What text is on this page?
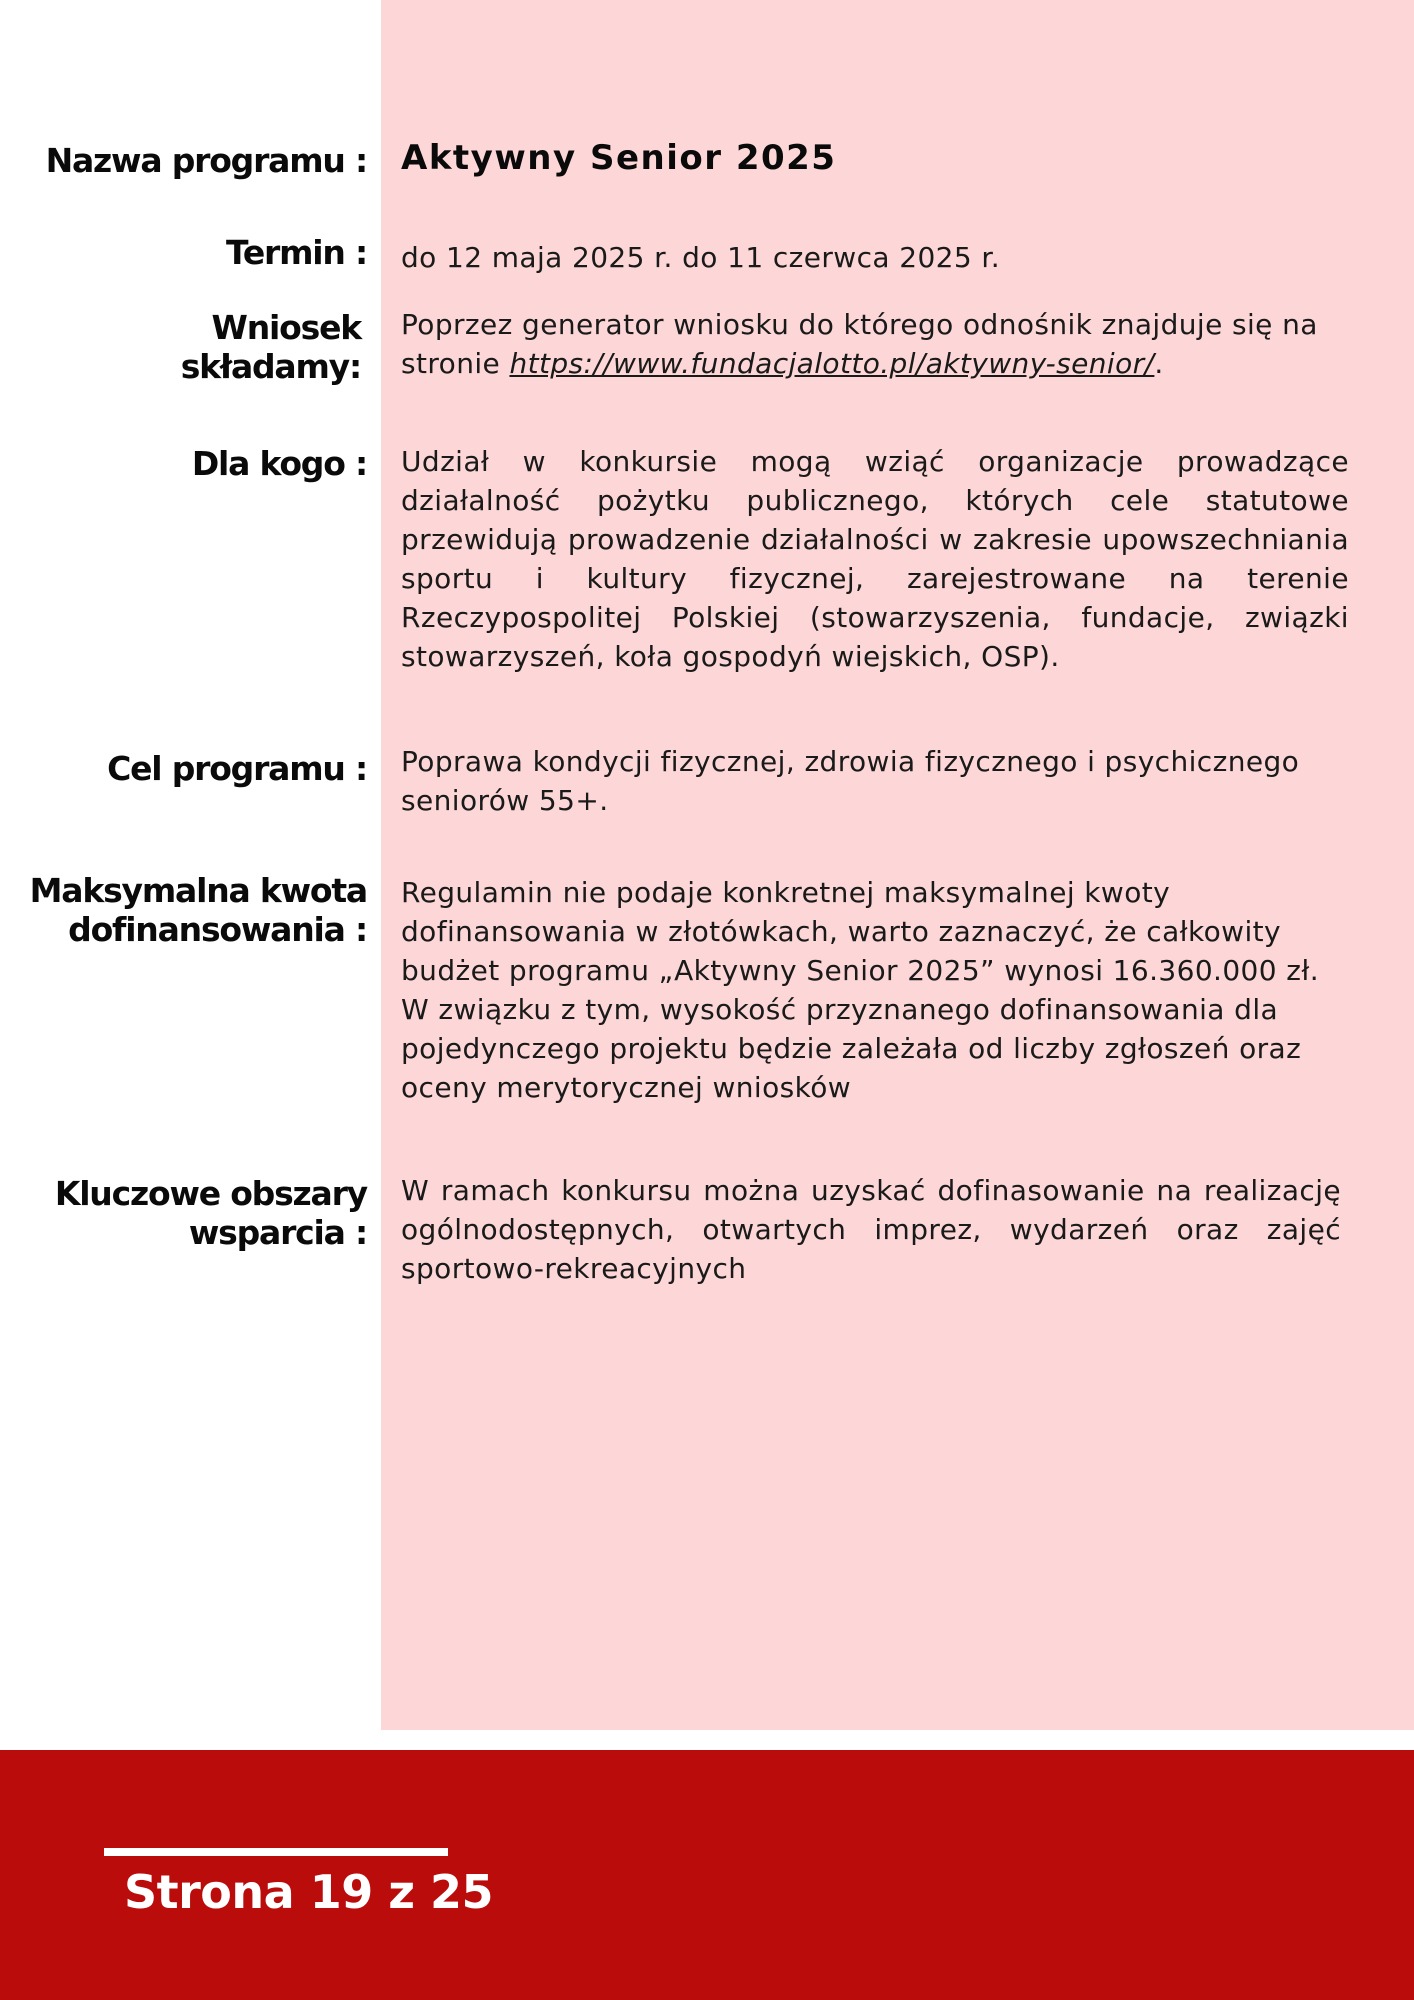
Nazwa programu : Aktywny Senior 2025
Termin : do 12 maja 2025 r. do 11 czerwca 2025 r.
Wniosek
składamy:
Poprzez generator wniosku do którego odnośnik znajduje się na stronie https://www.fundacjalotto.pl/aktywny-senior/.
Dla kogo : Udział w konkursie mogą wziąć organizacje prowadzące działalność pożytku publicznego, których cele statutowe przewidują prowadzenie działalności w zakresie upowszechniania sportu i kultury fizycznej, zarejestrowane na terenie Rzeczypospolitej Polskiej (stowarzyszenia, fundacje, związki stowarzyszeń, koła gospodyń wiejskich, OSP).
Cel programu : Poprawa kondycji fizycznej, zdrowia fizycznego i psychicznego seniorów 55+.
Maksymalna kwota
dofinansowania :
Regulamin nie podaje konkretnej maksymalnej kwoty dofinansowania w złotówkach, warto zaznaczyć, że całkowity budżet programu „Aktywny Senior 2025” wynosi 16.360.000 zł. W związku z tym, wysokość przyznanego dofinansowania dla pojedynczego projektu będzie zależała od liczby zgłoszeń oraz oceny merytorycznej wniosków
Kluczowe obszary
wsparcia :
W ramach konkursu można uzyskać dofinasowanie na realizację ogólnodostępnych, otwartych imprez, wydarzeń oraz zajęć sportowo-rekreacyjnych
Strona 19 z 25
